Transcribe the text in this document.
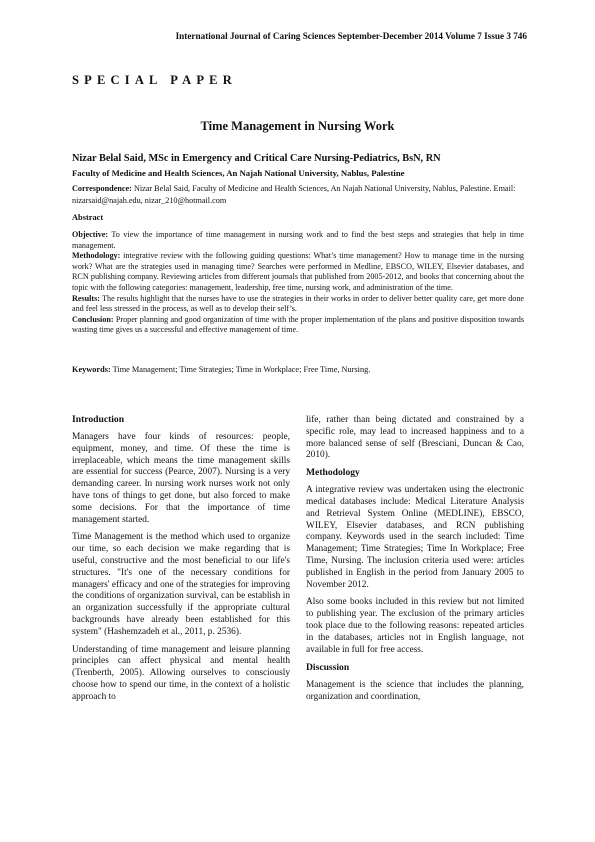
International Journal of Caring Sciences September-December 2014 Volume 7 Issue 3 746
SPECIAL PAPER
Time Management in Nursing Work
Nizar Belal Said, MSc in Emergency and Critical Care Nursing-Pediatrics, BsN, RN
Faculty of Medicine and Health Sciences, An Najah National University, Nablus, Palestine
Correspondence: Nizar Belal Said, Faculty of Medicine and Health Sciences, An Najah National University, Nablus, Palestine. Email: nizarsaid@najah.edu, nizar_210@hotmail.com
Abstract

Objective: To view the importance of time management in nursing work and to find the best steps and strategies that help in time management.

Methodology: integrative review with the following guiding questions: What’s time management? How to manage time in the nursing work? What are the strategies used in managing time? Searches were performed in Medline, EBSCO, WILEY, Elsevier databases, and RCN publishing company. Reviewing articles from different journals that published from 2005-2012, and books that concerning about the topic with the following categories: management, leadership, free time, nursing work, and administration of the time.

Results: The results highlight that the nurses have to use the strategies in their works in order to deliver better quality care, get more done and feel less stressed in the process, as well as to develop their self’s.

Conclusion: Proper planning and good organization of time with the proper implementation of the plans and positive disposition towards wasting time gives us a successful and effective management of time.

Keywords: Time Management; Time Strategies; Time in Workplace; Free Time, Nursing.
Introduction

Managers have four kinds of resources: people, equipment, money, and time. Of these the time is irreplaceable, which means the time management skills are essential for success (Pearce, 2007). Nursing is a very demanding career. In nursing work nurses work not only have tons of things to get done, but also forced to make some decisions. For that the importance of time management started.

Time Management is the method which used to organize our time, so each decision we make regarding that is useful, constructive and the most beneficial to our life's structures. "It's one of the necessary conditions for managers' efficacy and one of the strategies for improving the conditions of organization survival, can be establish in an organization successfully if the appropriate cultural backgrounds have already been established for this system" (Hashemzadeh et al., 2011, p. 2536).

Understanding of time management and leisure planning principles can affect physical and mental health (Trenberth, 2005). Allowing ourselves to consciously choose how to spend our time, in the context of a holistic approach to

life, rather than being dictated and constrained by a specific role, may lead to increased happiness and to a more balanced sense of self (Bresciani, Duncan & Cao, 2010).

Methodology

A integrative review was undertaken using the electronic medical databases include: Medical Literature Analysis and Retrieval System Online (MEDLINE), EBSCO, WILEY, Elsevier databases, and RCN publishing company. Keywords used in the search included: Time Management; Time Strategies; Time In Workplace; Free Time, Nursing. The inclusion criteria used were: articles published in English in the period from January 2005 to November 2012.

Also some books included in this review but not limited to publishing year. The exclusion of the primary articles took place due to the following reasons: repeated articles in the databases, articles not in English language, not available in full for free access.

Discussion

Management is the science that includes the planning, organization and coordination,
